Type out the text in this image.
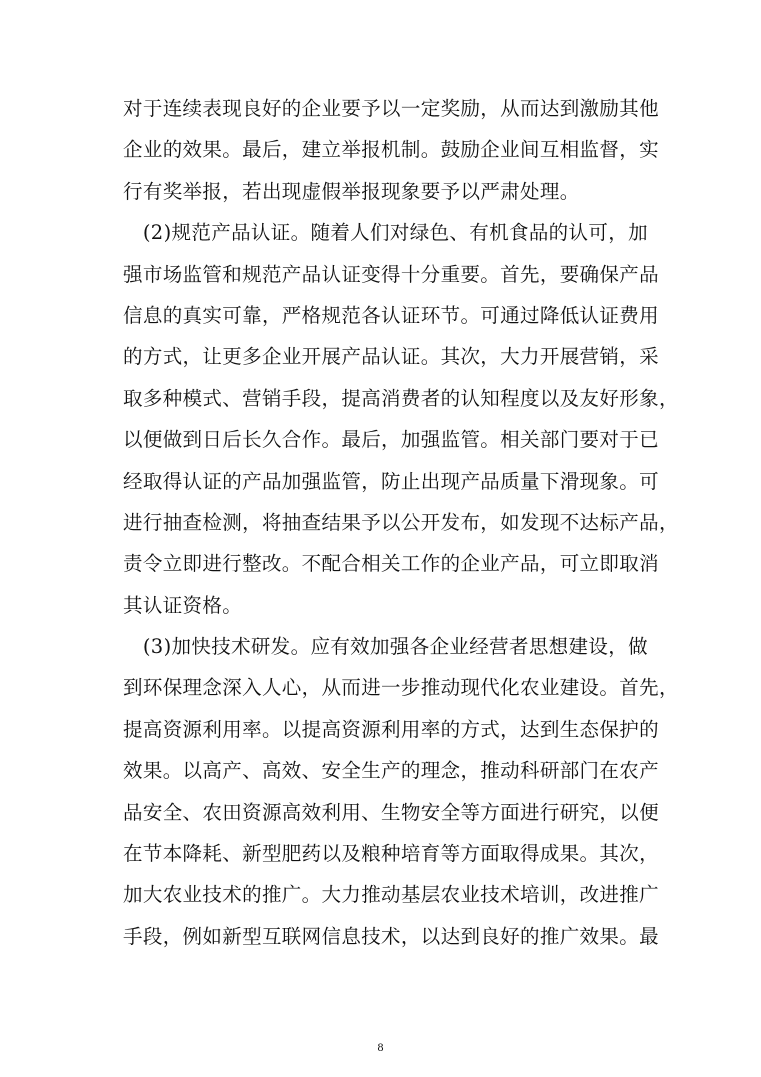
对于连续表现良好的企业要予以一定奖励，从而达到激励其他
企业的效果。最后，建立举报机制。鼓励企业间互相监督，实
行有奖举报，若出现虚假举报现象要予以严肃处理。
　(2)规范产品认证。随着人们对绿色、有机食品的认可，加
强市场监管和规范产品认证变得十分重要。首先，要确保产品
信息的真实可靠，严格规范各认证环节。可通过降低认证费用
的方式，让更多企业开展产品认证。其次，大力开展营销，采
取多种模式、营销手段，提高消费者的认知程度以及友好形象，
以便做到日后长久合作。最后，加强监管。相关部门要对于已
经取得认证的产品加强监管，防止出现产品质量下滑现象。可
进行抽查检测，将抽查结果予以公开发布，如发现不达标产品，
责令立即进行整改。不配合相关工作的企业产品，可立即取消
其认证资格。
　(3)加快技术研发。应有效加强各企业经营者思想建设，做
到环保理念深入人心，从而进一步推动现代化农业建设。首先，
提高资源利用率。以提高资源利用率的方式，达到生态保护的
效果。以高产、高效、安全生产的理念，推动科研部门在农产
品安全、农田资源高效利用、生物安全等方面进行研究，以便
在节本降耗、新型肥药以及粮种培育等方面取得成果。其次，
加大农业技术的推广。大力推动基层农业技术培训，改进推广
手段，例如新型互联网信息技术，以达到良好的推广效果。最
8
